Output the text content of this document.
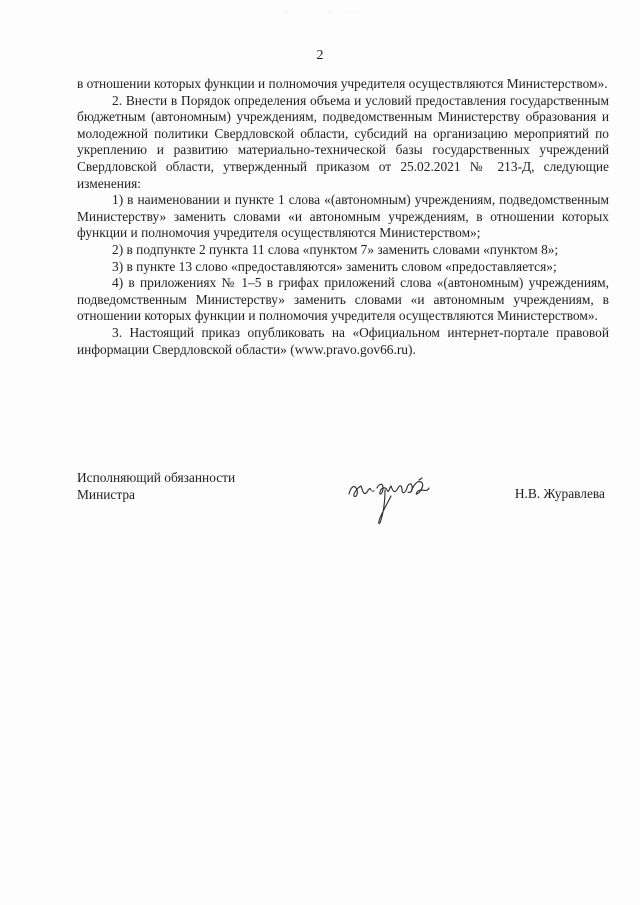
2

в отношении которых функции и полномочия учредителя осуществляются Министерством».

2. Внести в Порядок определения объема и условий предоставления государственным бюджетным (автономным) учреждениям, подведомственным Министерству образования и молодежной политики Свердловской области, субсидий на организацию мероприятий по укреплению и развитию материально-технической базы государственных учреждений Свердловской области, утвержденный приказом от 25.02.2021 № 213-Д, следующие изменения:

1) в наименовании и пункте 1 слова «(автономным) учреждениям, подведомственным Министерству» заменить словами «и автономным учреждениям, в отношении которых функции и полномочия учредителя осуществляются Министерством»;

2) в подпункте 2 пункта 11 слова «пунктом 7» заменить словами «пунктом 8»;

3) в пункте 13 слово «предоставляются» заменить словом «предоставляется»;

4) в приложениях № 1–5 в грифах приложений слова «(автономным) учреждениям, подведомственным Министерству» заменить словами «и автономным учреждениям, в отношении которых функции и полномочия учредителя осуществляются Министерством».

3. Настоящий приказ опубликовать на «Официальном интернет-портале правовой информации Свердловской области» (www.pravo.gov66.ru).

Исполняющий обязанности
Министра	Н.В. Журавлева
